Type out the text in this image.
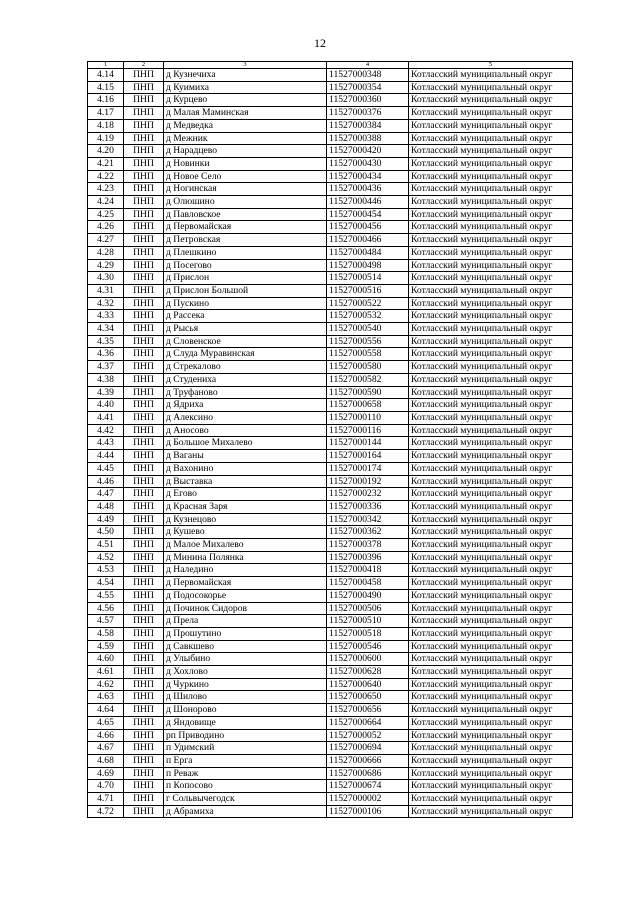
12
1	2	3	4	5
4.14	ПНП	д Кузнечиха	11527000348	Котласский муниципальный округ
4.15	ПНП	д Куимиха	11527000354	Котласский муниципальный округ
4.16	ПНП	д Курцево	11527000360	Котласский муниципальный округ
4.17	ПНП	д Малая Маминская	11527000376	Котласский муниципальный округ
4.18	ПНП	д Медведка	11527000384	Котласский муниципальный округ
4.19	ПНП	д Межник	11527000388	Котласский муниципальный округ
4.20	ПНП	д Нарадцево	11527000420	Котласский муниципальный округ
4.21	ПНП	д Новинки	11527000430	Котласский муниципальный округ
4.22	ПНП	д Новое Село	11527000434	Котласский муниципальный округ
4.23	ПНП	д Ногинская	11527000436	Котласский муниципальный округ
4.24	ПНП	д Олюшино	11527000446	Котласский муниципальный округ
4.25	ПНП	д Павловское	11527000454	Котласский муниципальный округ
4.26	ПНП	д Первомайская	11527000456	Котласский муниципальный округ
4.27	ПНП	д Петровская	11527000466	Котласский муниципальный округ
4.28	ПНП	д Плешкино	11527000484	Котласский муниципальный округ
4.29	ПНП	д Посегово	11527000498	Котласский муниципальный округ
4.30	ПНП	д Прислон	11527000514	Котласский муниципальный округ
4.31	ПНП	д Прислон Большой	11527000516	Котласский муниципальный округ
4.32	ПНП	д Пускино	11527000522	Котласский муниципальный округ
4.33	ПНП	д Рассека	11527000532	Котласский муниципальный округ
4.34	ПНП	д Рысья	11527000540	Котласский муниципальный округ
4.35	ПНП	д Словенское	11527000556	Котласский муниципальный округ
4.36	ПНП	д Слуда Муравинская	11527000558	Котласский муниципальный округ
4.37	ПНП	д Стрекалово	11527000580	Котласский муниципальный округ
4.38	ПНП	д Студениха	11527000582	Котласский муниципальный округ
4.39	ПНП	д Труфаново	11527000590	Котласский муниципальный округ
4.40	ПНП	д Ядриха	11527000658	Котласский муниципальный округ
4.41	ПНП	д Алексино	11527000110	Котласский муниципальный округ
4.42	ПНП	д Аносово	11527000116	Котласский муниципальный округ
4.43	ПНП	д Большое Михалево	11527000144	Котласский муниципальный округ
4.44	ПНП	д Ваганы	11527000164	Котласский муниципальный округ
4.45	ПНП	д Вахонино	11527000174	Котласский муниципальный округ
4.46	ПНП	д Выставка	11527000192	Котласский муниципальный округ
4.47	ПНП	д Егово	11527000232	Котласский муниципальный округ
4.48	ПНП	д Красная Заря	11527000336	Котласский муниципальный округ
4.49	ПНП	д Кузнецово	11527000342	Котласский муниципальный округ
4.50	ПНП	д Кушево	11527000362	Котласский муниципальный округ
4.51	ПНП	д Малое Михалево	11527000378	Котласский муниципальный округ
4.52	ПНП	д Минина Полянка	11527000396	Котласский муниципальный округ
4.53	ПНП	д Наледино	11527000418	Котласский муниципальный округ
4.54	ПНП	д Первомайская	11527000458	Котласский муниципальный округ
4.55	ПНП	д Подосокорье	11527000490	Котласский муниципальный округ
4.56	ПНП	д Починок Сидоров	11527000506	Котласский муниципальный округ
4.57	ПНП	д Прела	11527000510	Котласский муниципальный округ
4.58	ПНП	д Прошутино	11527000518	Котласский муниципальный округ
4.59	ПНП	д Савкшево	11527000546	Котласский муниципальный округ
4.60	ПНП	д Улыбино	11527000600	Котласский муниципальный округ
4.61	ПНП	д Хохлово	11527000628	Котласский муниципальный округ
4.62	ПНП	д Чуркино	11527000640	Котласский муниципальный округ
4.63	ПНП	д Шилово	11527000650	Котласский муниципальный округ
4.64	ПНП	д Шонорово	11527000656	Котласский муниципальный округ
4.65	ПНП	д Яндовище	11527000664	Котласский муниципальный округ
4.66	ПНП	рп Приводино	11527000052	Котласский муниципальный округ
4.67	ПНП	п Удимский	11527000694	Котласский муниципальный округ
4.68	ПНП	п Ерга	11527000666	Котласский муниципальный округ
4.69	ПНП	п Реваж	11527000686	Котласский муниципальный округ
4.70	ПНП	п Копосово	11527000674	Котласский муниципальный округ
4.71	ПНП	г Сольвычегодск	11527000002	Котласский муниципальный округ
4.72	ПНП	д Абрамиха	11527000106	Котласский муниципальный округ
